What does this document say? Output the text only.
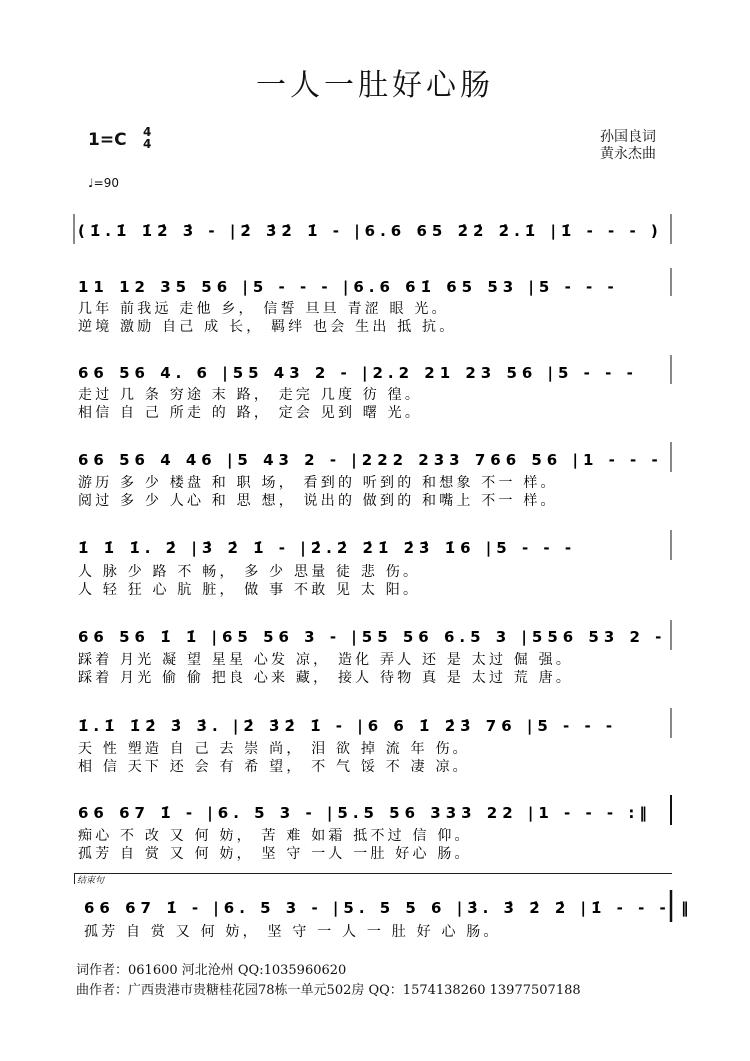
一人一肚好心肠
1=C 4
4
♩=90
孙国良词
黄永杰曲
结束句
(1̇.1̇ 1̇2̇ 3̇ - |2̇ 3̇2̇ 1̇ - |6.6 65 2̇2̇ 2̇.1̇ |1̇ - - - )
11 12 35 56 |5 - - - |6.6 61̇ 65 53 |5 - - -
几年 前我远 走他 乡， 信誓 旦旦 青涩 眼 光。
逆境 激励 自己 成 长， 羁绊 也会 生出 抵 抗。
66 56 4. 6 |55 43 2 - |2.2 21 23 56 |5 - - -
走过 几 条 穷途 末 路， 走完 几度 彷 徨。
相信 自 己 所走 的 路， 定会 见到 曙 光。
66 56 4 46 |5 43 2 - |222 233 766 56 |1 - - -
游历 多 少 楼盘 和 职 场， 看到的 听到的 和想象 不一 样。
阅过 多 少 人心 和 思 想， 说出的 做到的 和嘴上 不一 样。
1̇ 1̇ 1̇. 2̇ |3̇ 2̇ 1̇ - |2̇.2̇ 2̇1̇ 2̇3̇ 1̇6 |5 - - -
人 脉 少 路 不 畅， 多 少 思量 徒 悲 伤。
人 轻 狂 心 肮 脏， 做 事 不敢 见 太 阳。
66 56 1̇ 1̇ |65 56 3 - |55 56 6.5 3 |556 53 2 -
踩着 月光 凝 望 星星 心发 凉， 造化 弄人 还 是 太过 倔 强。
踩着 月光 偷 偷 把良 心来 藏， 接人 待物 真 是 太过 荒 唐。
1̇.1̇ 1̇2̇ 3̇ 3̇. |2̇ 3̇2̇ 1̇ - |6 6 1̇ 2̇3̇ 76 |5 - - -
天 性 塑造 自 己 去 崇 尚， 泪 欲 掉 流 年 伤。
相 信 天下 还 会 有 希 望， 不 气 馁 不 凄 凉。
66 67 1̇ - |6. 5 3 - |5.5 56 333 22 |1 - - - :‖
痴心 不 改 又 何 妨， 苦 难 如霜 抵不过 信 仰。
孤芳 自 赏 又 何 妨， 坚 守 一人 一肚 好心 肠。
66 67 1̇ - |6. 5 3 - |5. 5 5 6 |3̇. 3̇ 2̇ 2̇ |1̇ - - - ‖
孤芳 自 赏 又 何 妨， 坚 守 一 人 一 肚 好 心 肠。
词作者：061600 河北沧州 QQ:1035960620
曲作者：广西贵港市贵糖桂花园78栋一单元502房 QQ：1574138260 13977507188
